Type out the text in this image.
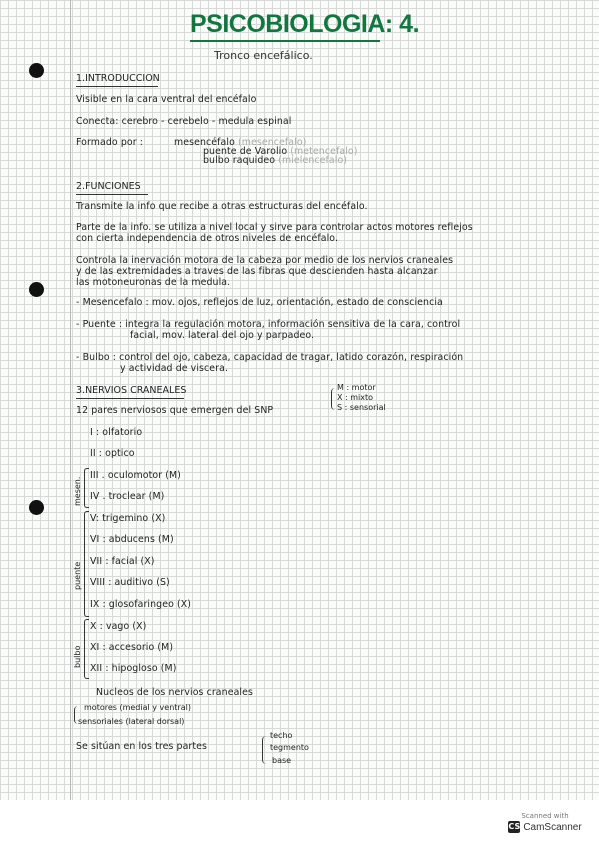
PSICOBIOLOGIA: 4.
Tronco encefálico.
1.INTRODUCCION
Visible en la cara ventral del encéfalo
Conecta: cerebro - cerebelo - medula espinal
Formado por :	mesencéfalo (mesencefalo)
puente de Varolio (metencefalo)
bulbo raquideo (mielencefalo)
2.FUNCIONES
Transmite la info que recibe a otras estructuras del encéfalo.
Parte de la info. se utiliza a nivel local y sirve para controlar actos motores reflejos
con cierta independencia de otros niveles de encéfalo.
Controla la inervación motora de la cabeza por medio de los nervios craneales
y de las extremidades a traves de las fibras que descienden hasta alcanzar
las motoneuronas de la medula.
- Mesencefalo : mov. ojos, reflejos de luz, orientación, estado de consciencia
- Puente : integra la regulación motora, información sensitiva de la cara, control
facial, mov. lateral del ojo y parpadeo.
- Bulbo : control del ojo, cabeza, capacidad de tragar, latido corazón, respiración
y actividad de viscera.
3.NERVIOS CRANEALES
12 pares nerviosos que emergen del SNP
M : motor
X : mixto
S : sensorial
I : olfatorio
II : optico
III . oculomotor (M)
IV . troclear (M)
V: trigemino (X)
VI : abducens (M)
VII : facial (X)
VIII : auditivo (S)
IX : glosofaringeo (X)
X : vago (X)
XI : accesorio (M)
XII : hipogloso (M)
mesen.
puente
bulbo
Nucleos de los nervios craneales
motores (medial y ventral)
sensoriales (lateral dorsal)
Se sitúan en los tres partes
techo
tegmento
base
Scanned with
CS CamScanner
